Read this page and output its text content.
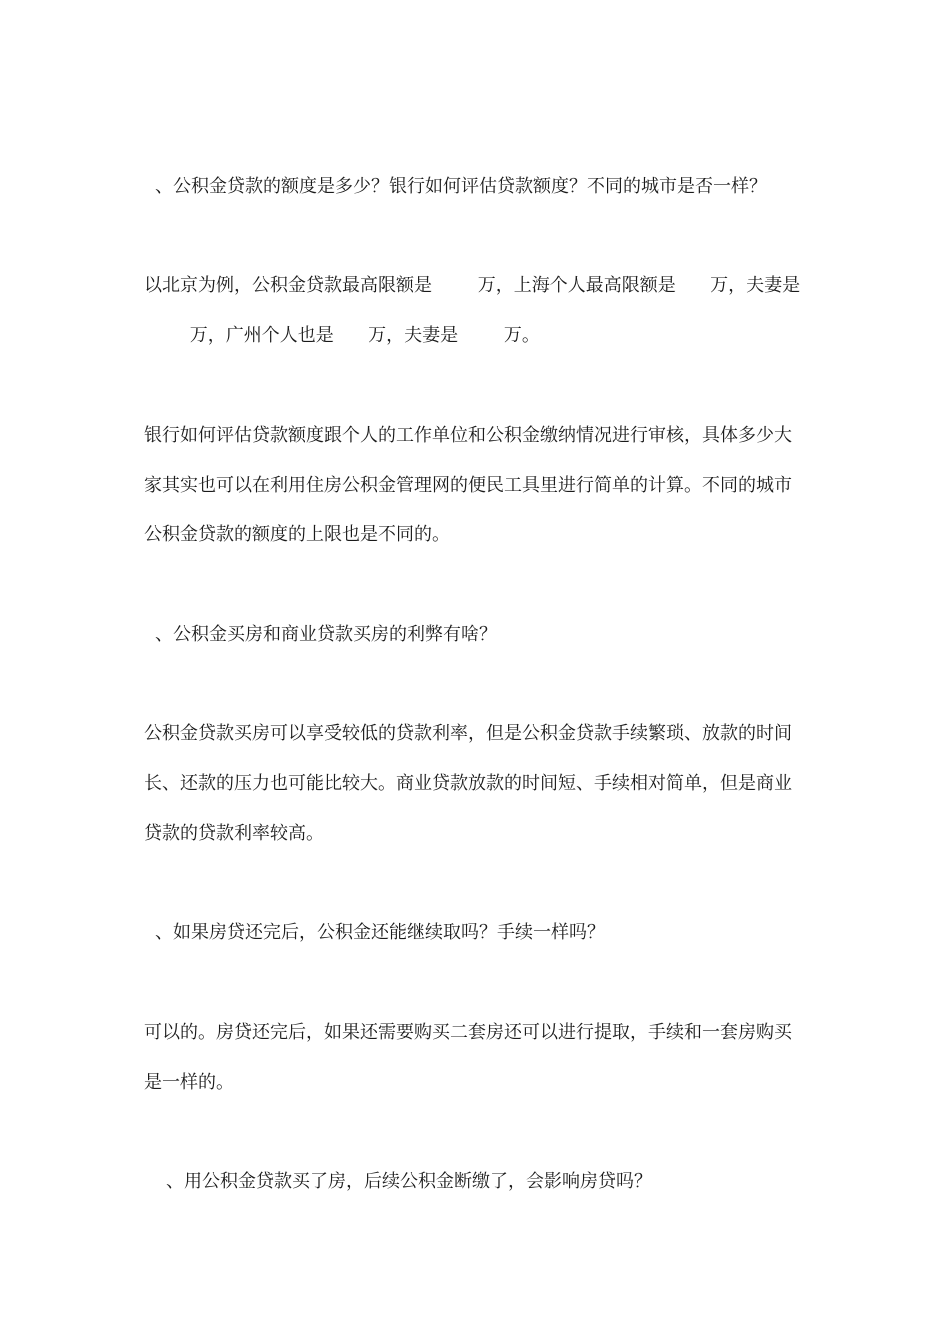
、公积金贷款的额度是多少？银行如何评估贷款额度？不同的城市是否一样？
以北京为例，公积金贷款最高限额是        万，上海个人最高限额是      万，夫妻是
万，广州个人也是      万，夫妻是        万。
银行如何评估贷款额度跟个人的工作单位和公积金缴纳情况进行审核，具体多少大
家其实也可以在利用住房公积金管理网的便民工具里进行简单的计算。不同的城市
公积金贷款的额度的上限也是不同的。
、公积金买房和商业贷款买房的利弊有啥？
公积金贷款买房可以享受较低的贷款利率，但是公积金贷款手续繁琐、放款的时间
长、还款的压力也可能比较大。商业贷款放款的时间短、手续相对简单，但是商业
贷款的贷款利率较高。
、如果房贷还完后，公积金还能继续取吗？手续一样吗？
可以的。房贷还完后，如果还需要购买二套房还可以进行提取，手续和一套房购买
是一样的。
、用公积金贷款买了房，后续公积金断缴了，会影响房贷吗？
